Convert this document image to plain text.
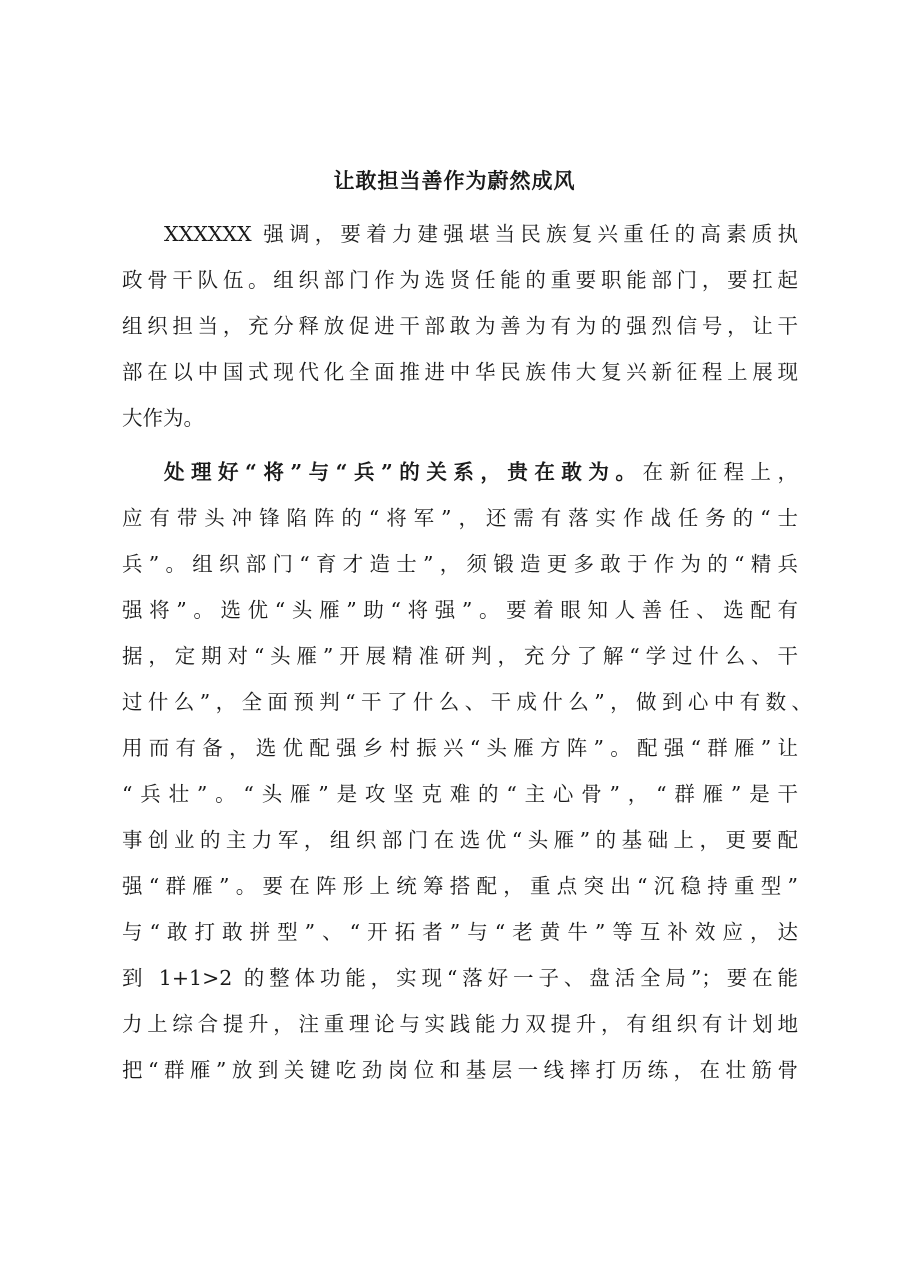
让敢担当善作为蔚然成风
XXXXXX 强调，要着力建强堪当民族复兴重任的高素质执
政骨干队伍。组织部门作为选贤任能的重要职能部门，要扛起
组织担当，充分释放促进干部敢为善为有为的强烈信号，让干
部在以中国式现代化全面推进中华民族伟大复兴新征程上展现
大作为。
处理好“将”与“兵”的关系，贵在敢为。在新征程上，
应有带头冲锋陷阵的“将军”，还需有落实作战任务的“士
兵”。组织部门“育才造士”，须锻造更多敢于作为的“精兵
强将”。选优“头雁”助“将强”。要着眼知人善任、选配有
据，定期对“头雁”开展精准研判，充分了解“学过什么、干
过什么”，全面预判“干了什么、干成什么”，做到心中有数、
用而有备，选优配强乡村振兴“头雁方阵”。配强“群雁”让
“兵壮”。“头雁”是攻坚克难的“主心骨”，“群雁”是干
事创业的主力军，组织部门在选优“头雁”的基础上，更要配
强“群雁”。要在阵形上统筹搭配，重点突出“沉稳持重型”
与“敢打敢拼型”、“开拓者”与“老黄牛”等互补效应，达
到 1+1>2 的整体功能，实现“落好一子、盘活全局”；要在能
力上综合提升，注重理论与实践能力双提升，有组织有计划地
把“群雁”放到关键吃劲岗位和基层一线摔打历练，在壮筋骨
